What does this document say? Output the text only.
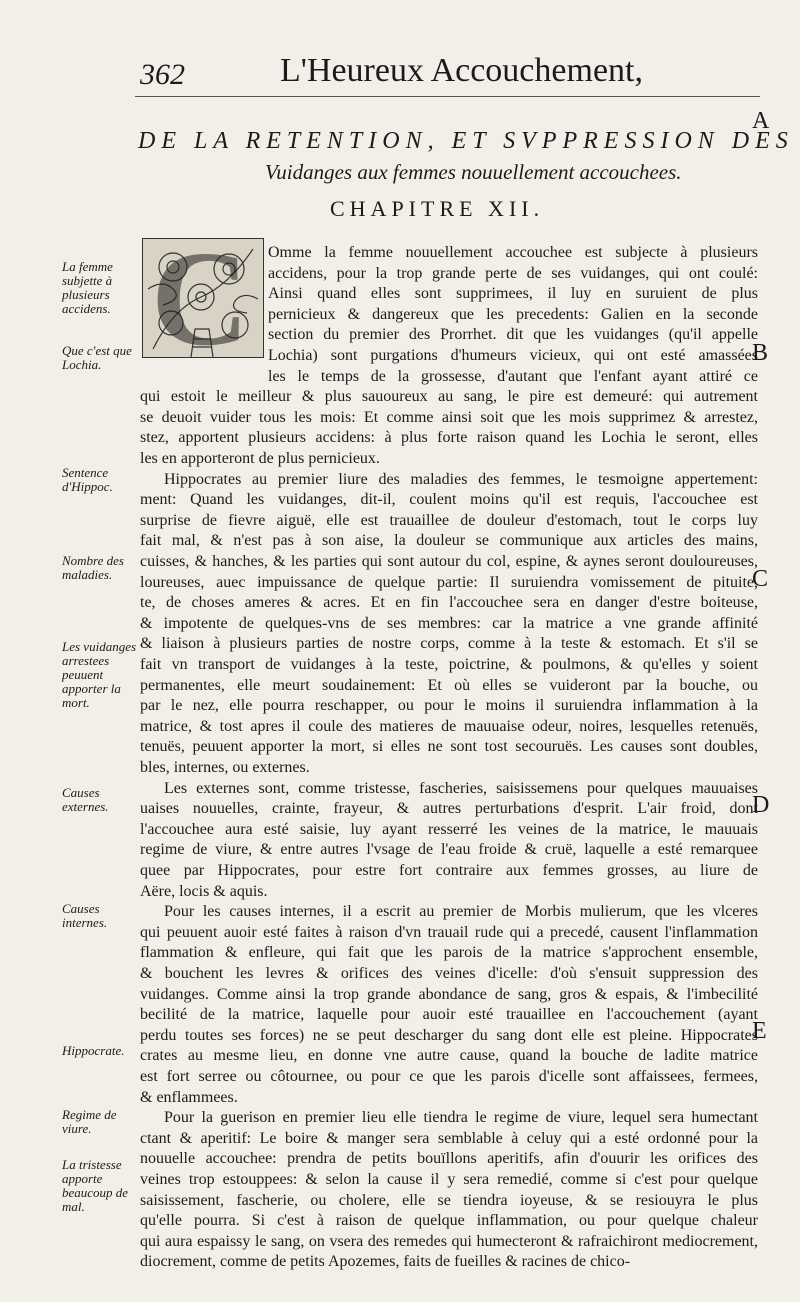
362	L'Heureux Accouchement,
DE LA RETENTION, ET SVPPRESSION DES
Vuidanges aux femmes nouuellement accouchees.
CHAPITRE XII.
C
La femme subjette à plusieurs accidens.
Que c'est que Lochia.
Sentence d'Hippoc.
Nombre des maladies.
Les vuidanges arrestees peuuent apporter la mort.
Causes externes.
Causes internes.
Hippocrate.
Regime de viure.
La tristesse apporte beaucoup de mal.
A
B
C
D
E
Omme la femme nouuellement accouchee est subjecte à plusieurs
accidens, pour la trop grande perte de ses vuidanges, qui ont coulé:
Ainsi quand elles sont supprimees, il luy en suruient de plus
pernicieux & dangereux que les precedents: Galien en la seconde
section du premier des Prorrhet. dit que les vuidanges (qu'il appelle
Lochia) sont purgations d'humeurs vicieux, qui ont esté amassées
les le temps de la grossesse, d'autant que l'enfant ayant attiré ce
qui estoit le meilleur & plus sauoureux au sang, le pire est demeuré: qui autrement
se deuoit vuider tous les mois: Et comme ainsi soit que les mois supprimez & arrestez,
stez, apportent plusieurs accidens: à plus forte raison quand les Lochia le seront, elles
les en apporteront de plus pernicieux.
Hippocrates au premier liure des maladies des femmes, le tesmoigne appertement:
ment: Quand les vuidanges, dit-il, coulent moins qu'il est requis, l'accouchee est
surprise de fievre aiguë, elle est trauaillee de douleur d'estomach, tout le corps luy
fait mal, & n'est pas à son aise, la douleur se communique aux articles des mains,
cuisses, & hanches, & les parties qui sont autour du col, espine, & aynes seront douloureuses,
loureuses, auec impuissance de quelque partie: Il suruiendra vomissement de pituite,
te, de choses ameres & acres. Et en fin l'accouchee sera en danger d'estre boiteuse,
& impotente de quelques-vns de ses membres: car la matrice a vne grande affinité
& liaison à plusieurs parties de nostre corps, comme à la teste & estomach. Et s'il se
fait vn transport de vuidanges à la teste, poictrine, & poulmons, & qu'elles y soient
permanentes, elle meurt soudainement: Et où elles se vuideront par la bouche, ou
par le nez, elle pourra reschapper, ou pour le moins il suruiendra inflammation à la
matrice, & tost apres il coule des matieres de mauuaise odeur, noires, lesquelles retenuës,
tenuës, peuuent apporter la mort, si elles ne sont tost secouruës. Les causes sont doubles,
bles, internes, ou externes.
Les externes sont, comme tristesse, fascheries, saisissemens pour quelques mauuaises
uaises nouuelles, crainte, frayeur, & autres perturbations d'esprit. L'air froid, dont
l'accouchee aura esté saisie, luy ayant resserré les veines de la matrice, le mauuais
regime de viure, & entre autres l'vsage de l'eau froide & cruë, laquelle a esté remarquee
quee par Hippocrates, pour estre fort contraire aux femmes grosses, au liure de
Aëre, locis & aquis.
Pour les causes internes, il a escrit au premier de Morbis mulierum, que les vlceres
qui peuuent auoir esté faites à raison d'vn trauail rude qui a precedé, causent l'inflammation
flammation & enfleure, qui fait que les parois de la matrice s'approchent ensemble,
& bouchent les levres & orifices des veines d'icelle: d'où s'ensuit suppression des
vuidanges. Comme ainsi la trop grande abondance de sang, gros & espais, & l'imbecilité
becilité de la matrice, laquelle pour auoir esté trauaillee en l'accouchement (ayant
perdu toutes ses forces) ne se peut descharger du sang dont elle est pleine. Hippocrates
crates au mesme lieu, en donne vne autre cause, quand la bouche de ladite matrice
est fort serree ou côtournee, ou pour ce que les parois d'icelle sont affaissees, fermees,
& enflammees.
Pour la guerison en premier lieu elle tiendra le regime de viure, lequel sera humectant
ctant & aperitif: Le boire & manger sera semblable à celuy qui a esté ordonné pour la
nouuelle accouchee: prendra de petits bouïllons aperitifs, afin d'ouurir les orifices des
veines trop estouppees: & selon la cause il y sera remedié, comme si c'est pour quelque
saisissement, fascherie, ou cholere, elle se tiendra ioyeuse, & se resiouyra le plus
qu'elle pourra. Si c'est à raison de quelque inflammation, ou pour quelque chaleur
qui aura espaissy le sang, on vsera des remedes qui humecteront & rafraichiront mediocrement,
diocrement, comme de petits Apozemes, faits de fueilles & racines de chico-
